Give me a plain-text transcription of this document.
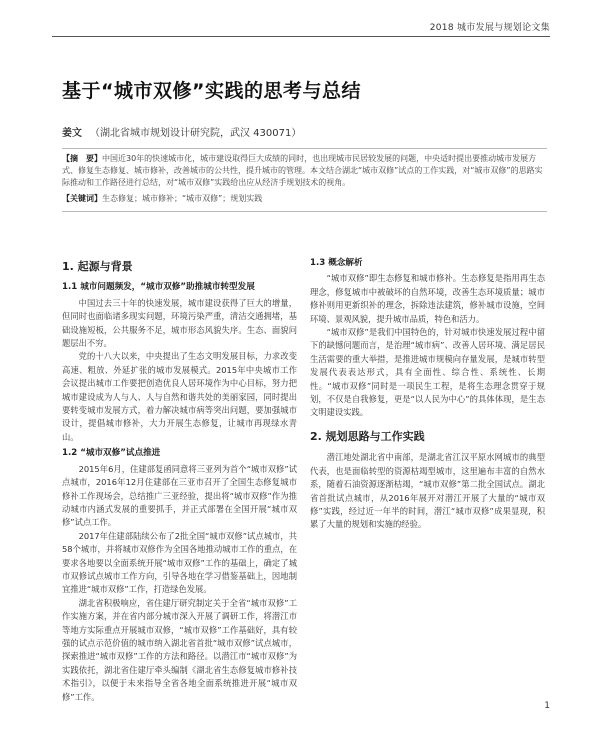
2018 城市发展与规划论文集
基于“城市双修”实践的思考与总结
姜文 （湖北省城市规划设计研究院，武汉 430071）
【摘　要】中国近30年的快速城市化，城市建设取得巨大成绩的同时，也出现城市民居较发展的问题，中央适时提出要推动城市发展方式、修复生态修复、城市修补，改善城市的公共性，提升城市的管理。本文结合湖北“城市双修”试点的工作实践，对“城市双修”的思路实际推动和工作路径进行总结，对“城市双修”实践给出应从经济手规划技术的视角。
【关键词】生态修复；城市修补；“城市双修”；规划实践
1. 起源与背景
1.1 城市问题频发，“城市双修”助推城市转型发展

中国过去三十年的快速发展，城市建设获得了巨大的增量，但同时也面临诸多现实问题，环境污染严重，清洁交通拥堵，基础设施短板，公共服务不足，城市形态风貌失序。生态、面貌问题层出不穷。

党的十八大以来，中央提出了生态文明发展目标，力求改变高速、粗放、外延扩张的城市发展模式。2015年中央城市工作会议提出城市工作要把创造优良人居环境作为中心目标，努力把城市建设成为人与人、人与自然和谐共处的美丽家园，同时提出要转变城市发展方式，着力解决城市病等突出问题，要加强城市设计，提倡城市修补，大力开展生态修复，让城市再现绿水青山。

1.2 “城市双修”试点推进

2015年6月，住建部复函同意将三亚列为首个“城市双修”试点城市，2016年12月住建部在三亚市召开了全国生态修复城市修补工作现场会，总结推广三亚经验，提出将“城市双修”作为推动城市内涵式发展的重要抓手，并正式部署在全国开展“城市双修”试点工作。

2017年住建部陆续公布了2批全国“城市双修”试点城市，共58个城市，并将城市双修作为全国各地推动城市工作的重点，在要求各地要以全面系统开展“城市双修”工作的基础上，确定了城市双修试点城市工作方向，引导各地在学习借鉴基础上，因地制宜推进“城市双修”工作，打造绿色发展。

湖北省积极响应，省住建厅研究制定关于全省“城市双修”工作实施方案，并在省内部分城市深入开展了调研工作，将潜江市等地方实际重点开展城市双修，“城市双修”工作基础好，具有较强的试点示范价值的城市纳入湖北省首批“城市双修”试点城市，探索推进“城市双修”工作的方法和路径。以潜江市“城市双修”为实践依托，湖北省住建厅牵头编制《湖北省生态修复城市修补技术指引》，以便于未来指导全省各地全面系统推进开展“城市双修”工作。

1.3 概念解析

“城市双修”即生态修复和城市修补。生态修复是指用再生态理念，修复城市中被破坏的自然环境，改善生态环境质量；城市修补则用更新织补的理念，拆除违法建筑，修补城市设施，空间环境、景观风貌，提升城市品质，特色和活力。

“城市双修”是我们中国特色的，针对城市快速发展过程中留下的缺憾问题而言，是治理“城市病”、改善人居环境、满足居民生活需要的重大举措，是推进城市规模向存量发展，是城市转型发展代表表达形式，具有全面性、综合性、系统性、长期性。“城市双修”同时是一项民生工程，是将生态理念贯穿于规划，不仅是自我修复，更是“以人民为中心”的具体体现，是生态文明建设实践。

2. 规划思路与工作实践

潜江地处湖北省中南部，是湖北省江汉平原水网城市的典型代表，也是面临转型的资源枯竭型城市，这里遍布丰富的自然水系，随着石油资源逐渐枯竭，“城市双修”第二批全国试点。湖北省首批试点城市，从2016年展开对潜江开展了大量的“城市双修”实践，经过近一年半的时间，潜江“城市双修”成果显现，积累了大量的规划和实施的经验。

1
